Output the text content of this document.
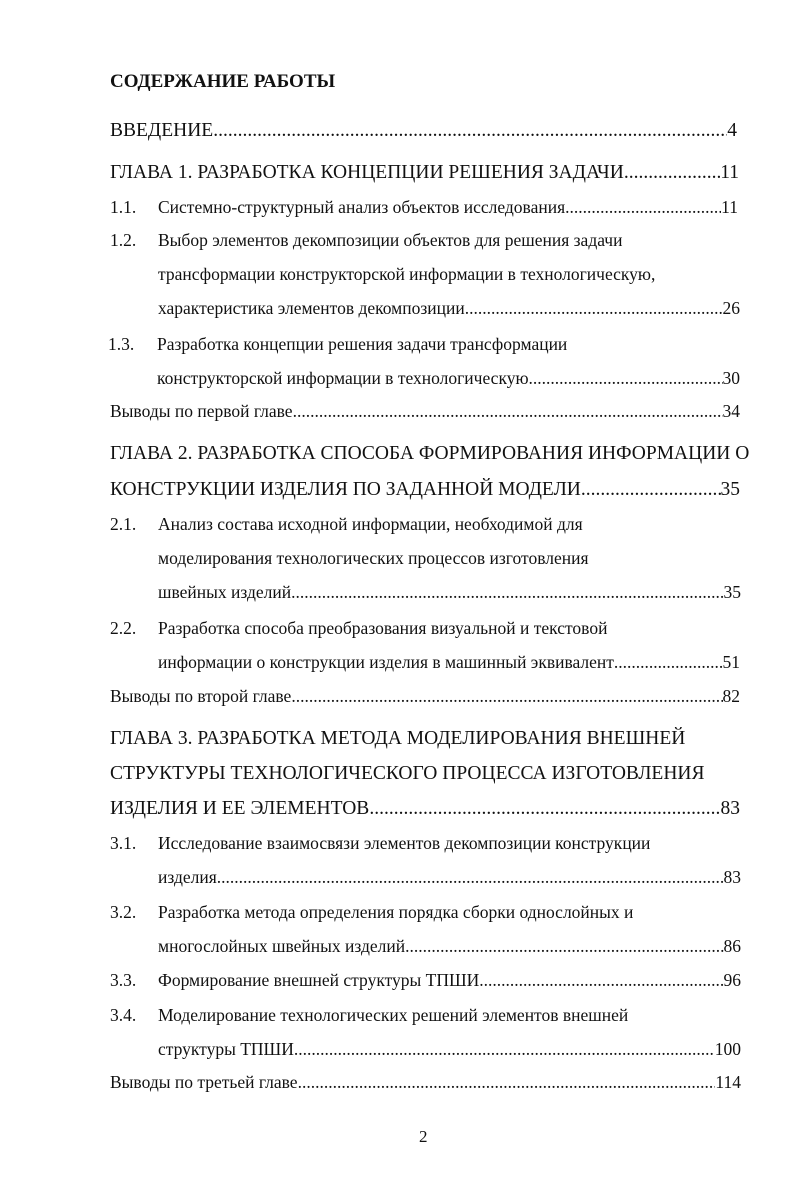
СОДЕРЖАНИЕ РАБОТЫ
ВВЕДЕНИЕ .....	4
ГЛАВА 1. РАЗРАБОТКА КОНЦЕПЦИИ РЕШЕНИЯ ЗАДАЧИ .....	11
1.1. Системно-структурный анализ объектов исследования .....	11
1.2. Выбор элементов декомпозиции объектов для решения задачи
трансформации конструкторской информации в технологическую,
характеристика элементов декомпозиции .....	26
1.3. Разработка концепции решения задачи трансформации
конструкторской информации в технологическую .....	30
Выводы по первой главе .....	34
ГЛАВА 2. РАЗРАБОТКА СПОСОБА ФОРМИРОВАНИЯ ИНФОРМАЦИИ О
КОНСТРУКЦИИ ИЗДЕЛИЯ ПО ЗАДАННОЙ МОДЕЛИ .....	35
2.1. Анализ состава исходной информации, необходимой для
моделирования технологических процессов изготовления
швейных изделий .....	35
2.2. Разработка способа преобразования визуальной и текстовой
информации о конструкции изделия в машинный эквивалент .....	51
Выводы по второй главе .....	82
ГЛАВА 3. РАЗРАБОТКА МЕТОДА МОДЕЛИРОВАНИЯ ВНЕШНЕЙ
СТРУКТУРЫ ТЕХНОЛОГИЧЕСКОГО ПРОЦЕССА ИЗГОТОВЛЕНИЯ
ИЗДЕЛИЯ И ЕЕ ЭЛЕМЕНТОВ .....	83
3.1. Исследование взаимосвязи элементов декомпозиции конструкции
изделия .....	83
3.2. Разработка метода определения порядка сборки однослойных и
многослойных швейных изделий .....	86
3.3. Формирование внешней структуры ТПШИ .....	96
3.4. Моделирование технологических решений элементов внешней
структуры ТПШИ .....	100
Выводы по третьей главе .....	114
2
